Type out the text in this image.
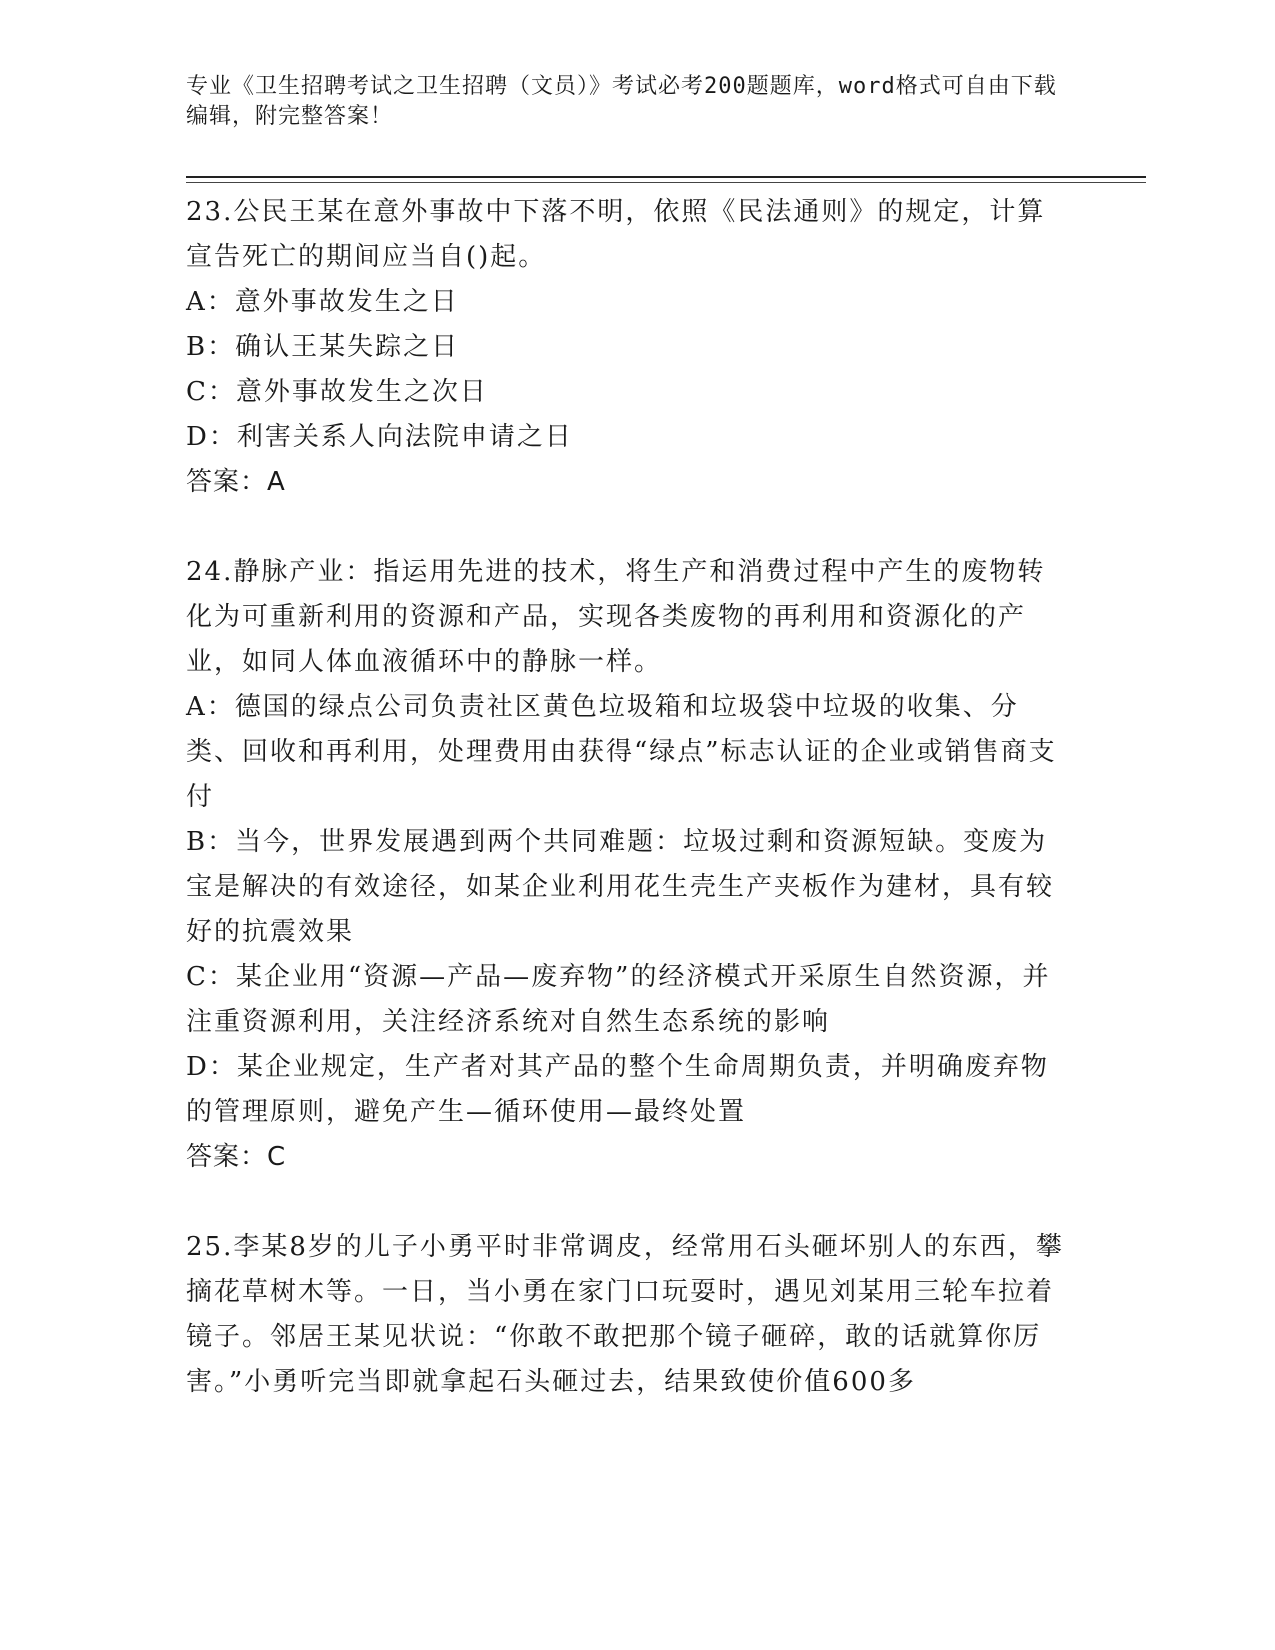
专业《卫生招聘考试之卫生招聘（文员）》考试必考200题题库，word格式可自由下载编辑，附完整答案！
23.公民王某在意外事故中下落不明，依照《民法通则》的规定，计算宣告死亡的期间应当自()起。
A：意外事故发生之日
B：确认王某失踪之日
C：意外事故发生之次日
D：利害关系人向法院申请之日
答案：A
24.静脉产业：指运用先进的技术，将生产和消费过程中产生的废物转化为可重新利用的资源和产品，实现各类废物的再利用和资源化的产业，如同人体血液循环中的静脉一样。
A：德国的绿点公司负责社区黄色垃圾箱和垃圾袋中垃圾的收集、分类、回收和再利用，处理费用由获得“绿点”标志认证的企业或销售商支付
B：当今，世界发展遇到两个共同难题：垃圾过剩和资源短缺。变废为宝是解决的有效途径，如某企业利用花生壳生产夹板作为建材，具有较好的抗震效果
C：某企业用“资源—产品—废弃物”的经济模式开采原生自然资源，并注重资源利用，关注经济系统对自然生态系统的影响
D：某企业规定，生产者对其产品的整个生命周期负责，并明确废弃物的管理原则，避免产生—循环使用—最终处置
答案：C
25.李某8岁的儿子小勇平时非常调皮，经常用石头砸坏别人的东西，攀摘花草树木等。一日，当小勇在家门口玩耍时，遇见刘某用三轮车拉着镜子。邻居王某见状说：“你敢不敢把那个镜子砸碎，敢的话就算你厉害。”小勇听完当即就拿起石头砸过去，结果致使价值600多
